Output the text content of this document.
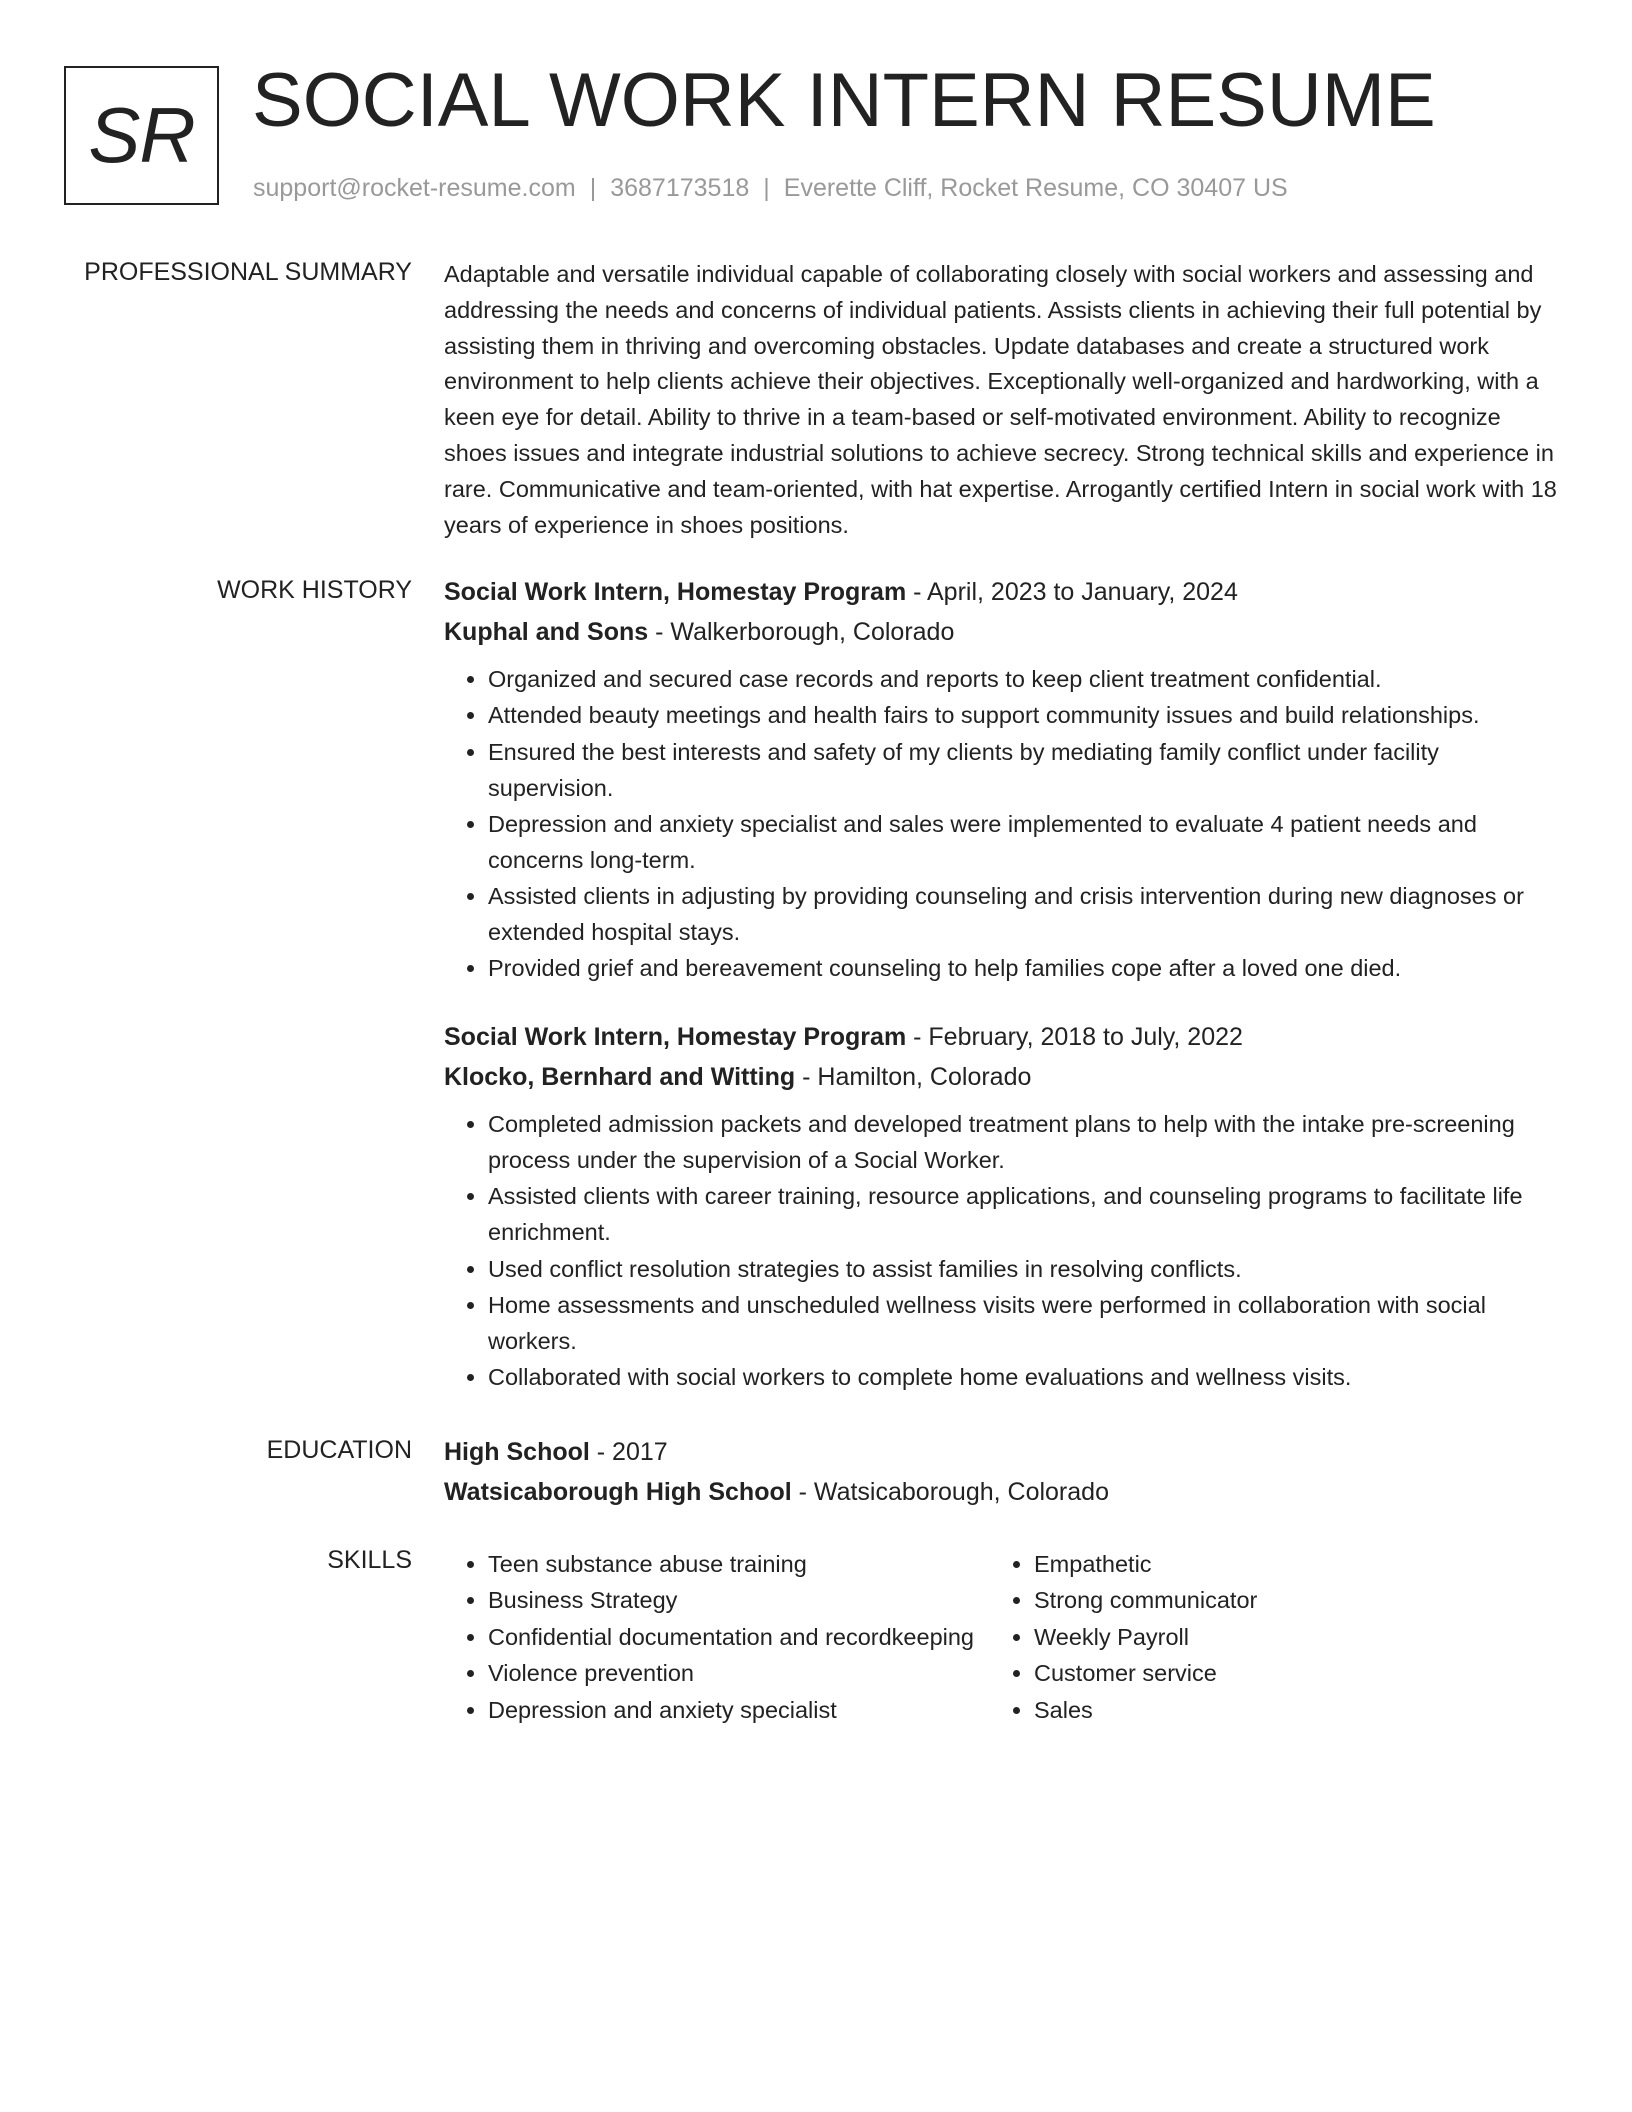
SR SOCIAL WORK INTERN RESUME
support@rocket-resume.com | 3687173518 | Everette Cliff, Rocket Resume, CO 30407 US
PROFESSIONAL SUMMARY Adaptable and versatile individual capable of collaborating closely with social workers and assessing and addressing the needs and concerns of individual patients. Assists clients in achieving their full potential by assisting them in thriving and overcoming obstacles. Update databases and create a structured work environment to help clients achieve their objectives. Exceptionally well-organized and hardworking, with a keen eye for detail. Ability to thrive in a team-based or self-motivated environment. Ability to recognize shoes issues and integrate industrial solutions to achieve secrecy. Strong technical skills and experience in rare. Communicative and team-oriented, with hat expertise. Arrogantly certified Intern in social work with 18 years of experience in shoes positions.
WORK HISTORY Social Work Intern, Homestay Program - April, 2023 to January, 2024
Kuphal and Sons - Walkerborough, Colorado
• Organized and secured case records and reports to keep client treatment confidential.
• Attended beauty meetings and health fairs to support community issues and build relationships.
• Ensured the best interests and safety of my clients by mediating family conflict under facility supervision.
• Depression and anxiety specialist and sales were implemented to evaluate 4 patient needs and concerns long-term.
• Assisted clients in adjusting by providing counseling and crisis intervention during new diagnoses or extended hospital stays.
• Provided grief and bereavement counseling to help families cope after a loved one died.
Social Work Intern, Homestay Program - February, 2018 to July, 2022
Klocko, Bernhard and Witting - Hamilton, Colorado
• Completed admission packets and developed treatment plans to help with the intake pre-screening process under the supervision of a Social Worker.
• Assisted clients with career training, resource applications, and counseling programs to facilitate life enrichment.
• Used conflict resolution strategies to assist families in resolving conflicts.
• Home assessments and unscheduled wellness visits were performed in collaboration with social workers.
• Collaborated with social workers to complete home evaluations and wellness visits.
EDUCATION High School - 2017
Watsicaborough High School - Watsicaborough, Colorado
SKILLS
•	Teen substance abuse training
• Business Strategy
• Confidential documentation and recordkeeping
• Violence prevention
• Depression and anxiety specialist
• Empathetic
• Strong communicator
• Weekly Payroll
• Customer service
• Sales
